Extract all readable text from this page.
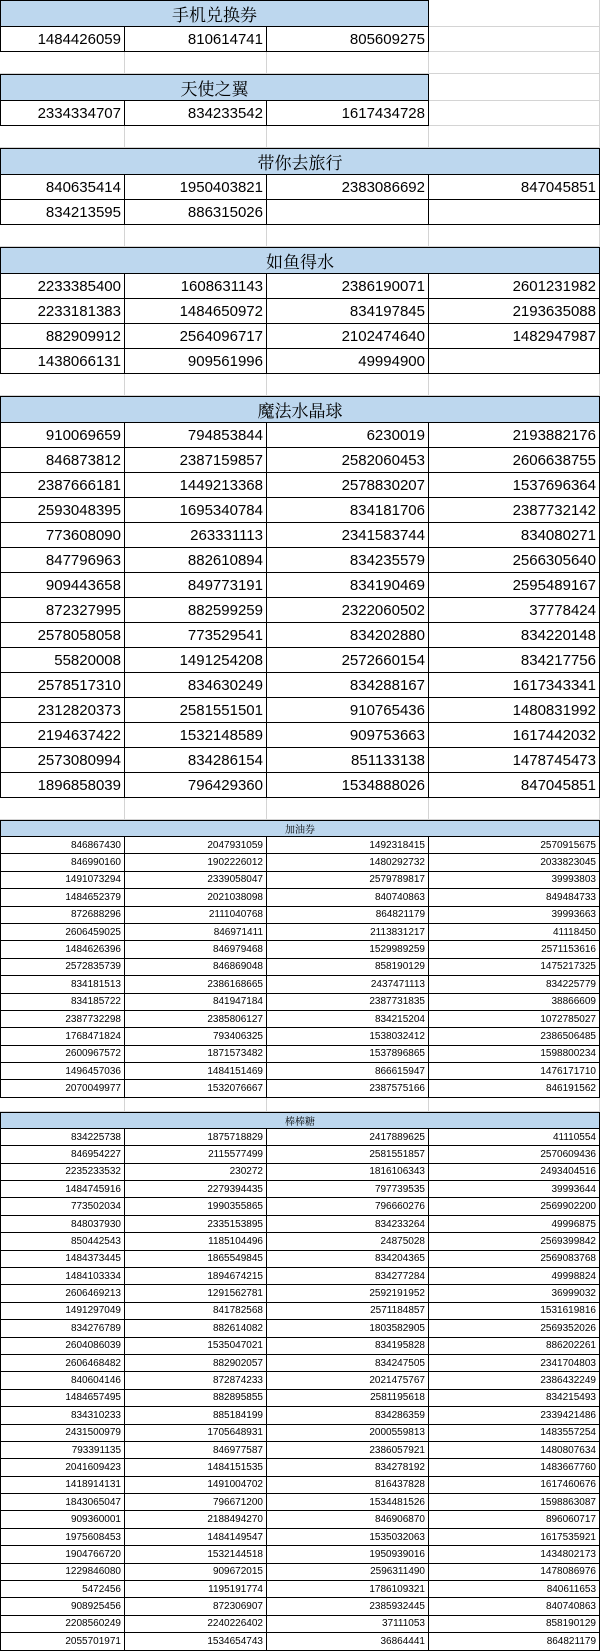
手机兑换券
1484426059	810614741	805609275
天使之翼
2334334707	834233542	1617434728
带你去旅行
840635414	1950403821	2383086692	847045851
834213595	886315026
如鱼得水
2233385400	1608631143	2386190071	2601231982
2233181383	1484650972	834197845	2193635088
882909912	2564096717	2102474640	1482947987
1438066131	909561996	49994900
魔法水晶球
910069659	794853844	6230019	2193882176
846873812	2387159857	2582060453	2606638755
2387666181	1449213368	2578830207	1537696364
2593048395	1695340784	834181706	2387732142
773608090	263331113	2341583744	834080271
847796963	882610894	834235579	2566305640
909443658	849773191	834190469	2595489167
872327995	882599259	2322060502	37778424
2578058058	773529541	834202880	834220148
55820008	1491254208	2572660154	834217756
2578517310	834630249	834288167	1617343341
2312820373	2581551501	910765436	1480831992
2194637422	1532148589	909753663	1617442032
2573080994	834286154	851133138	1478745473
1896858039	796429360	1534888026	847045851
加油券
846867430	2047931059	1492318415	2570915675
846990160	1902226012	1480292732	2033823045
1491073294	2339058047	2579789817	39993803
1484652379	2021038098	840740863	849484733
872688296	2111040768	864821179	39993663
2606459025	846971411	2113831217	41118450
1484626396	846979468	1529989259	2571153616
2572835739	846869048	858190129	1475217325
834181513	2386168665	2437471113	834225779
834185722	841947184	2387731835	38866609
2387732298	2385806127	834215204	1072785027
1768471824	793406325	1538032412	2386506485
2600967572	1871573482	1537896865	1598800234
1496457036	1484151469	866615947	1476171710
2070049977	1532076667	2387575166	846191562
棒棒糖
834225738	1875718829	2417889625	41110554
846954227	2115577499	2581551857	2570609436
2235233532	230272	1816106343	2493404516
1484745916	2279394435	797739535	39993644
773502034	1990355865	796660276	2569902200
848037930	2335153895	834233264	49996875
850442543	1185104496	24875028	2569399842
1484373445	1865549845	834204365	2569083768
1484103334	1894674215	834277284	49998824
2606469213	1291562781	2592191952	36999032
1491297049	841782568	2571184857	1531619816
834276789	882614082	1803582905	2569352026
2604086039	1535047021	834195828	886202261
2606468482	882902057	834247505	2341704803
840604146	872874233	2021475767	2386432249
1484657495	882895855	2581195618	834215493
834310233	885184199	834286359	2339421486
2431500979	1705648931	2000559813	1483557254
793391135	846977587	2386057921	1480807634
2041609423	1484151535	834278192	1483667760
1418914131	1491004702	816437828	1617460676
1843065047	796671200	1534481526	1598863087
909360001	2188494270	846906870	896060717
1975608453	1484149547	1535032063	1617535921
1904766720	1532144518	1950939016	1434802173
1229846080	909672015	2596311490	1478086976
5472456	1195191774	1786109321	840611653
908925456	872306907	2385932445	840740863
2208560249	2240226402	37111053	858190129
2055701971	1534654743	36864441	864821179
